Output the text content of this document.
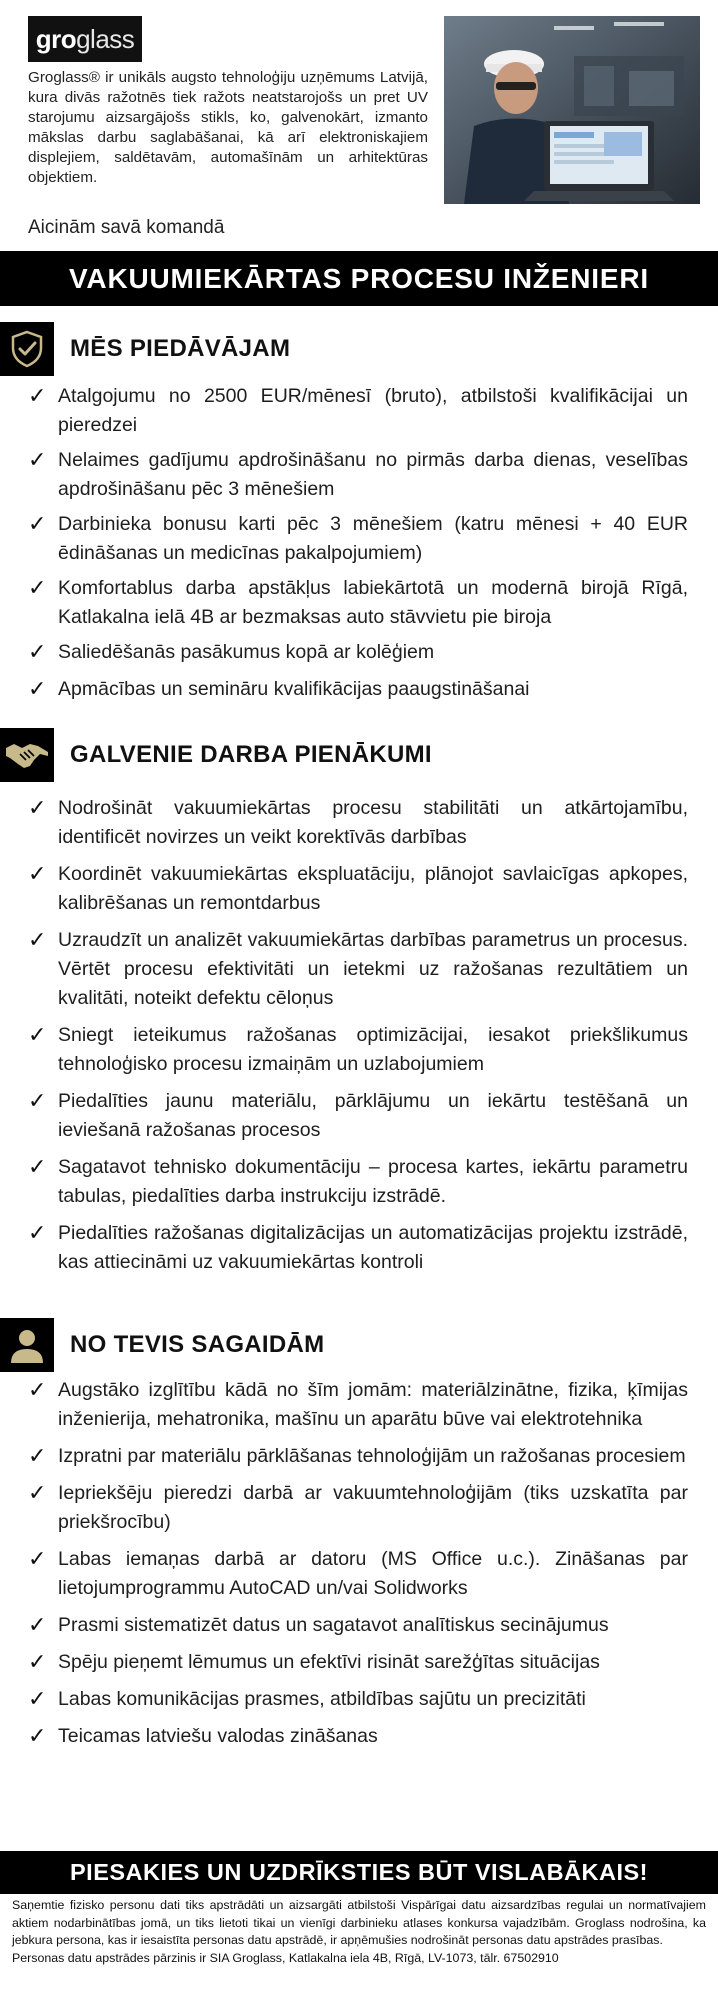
gro glass

Groglass® ir unikāls augsto tehnoloģiju uzņēmums Latvijā, kura divās ražotnēs tiek ražots neatstarojošs un pret UV starojumu aizsargājošs stikls, ko, galvenokārt, izmanto mākslas darbu saglabāšanai, kā arī elektroniskajiem displejiem, saldētavām, automašīnām un arhitektūras objektiem.

Aicinām savā komandā
VAKUUMIEKĀRTAS PROCESU INŽENIERI
MĒS PIEDĀVĀJAM
✓ Atalgojumu no 2500 EUR/mēnesī (bruto), atbilstoši kvalifikācijai un pieredzei
✓ Nelaimes gadījumu apdrošināšanu no pirmās darba dienas, veselības apdrošināšanu pēc 3 mēnešiem
✓ Darbinieka bonusu karti pēc 3 mēnešiem (katru mēnesi + 40 EUR ēdināšanas un medicīnas pakalpojumiem)
✓ Komfortablus darba apstākļus labiekārtotā un modernā birojā Rīgā, Katlakalna ielā 4B ar bezmaksas auto stāvvietu pie biroja
✓ Saliedēšanās pasākumus kopā ar kolēģiem
✓ Apmācības un semināru kvalifikācijas paaugstināšanai
GALVENIE DARBA PIENĀKUMI
✓ Nodrošināt vakuumiekārtas procesu stabilitāti un atkārtojamību, identificēt novirzes un veikt korektīvās darbības
✓ Koordinēt vakuumiekārtas ekspluatāciju, plānojot savlaicīgas apkopes, kalibrēšanas un remontdarbus
✓ Uzraudzīt un analizēt vakuumiekārtas darbības parametrus un procesus. Vērtēt procesu efektivitāti un ietekmi uz ražošanas rezultātiem un kvalitāti, noteikt defektu cēloņus
✓ Sniegt ieteikumus ražošanas optimizācijai, iesakot priekšlikumus tehnoloģisko procesu izmaiņām un uzlabojumiem
✓ Piedalīties jaunu materiālu, pārklājumu un iekārtu testēšanā un ieviešanā ražošanas procesos
✓ Sagatavot tehnisko dokumentāciju – procesa kartes, iekārtu parametru tabulas, piedalīties darba instrukciju izstrādē.
✓ Piedalīties ražošanas digitalizācijas un automatizācijas projektu izstrādē, kas attiecināmi uz vakuumiekārtas kontroli
NO TEVIS SAGAIDĀM
✓ Augstāko izglītību kādā no šīm jomām: materiālzinātne, fizika, ķīmijas inženierija, mehatronika, mašīnu un aparātu būve vai elektrotehnika
✓ Izpratni par materiālu pārklāšanas tehnoloģijām un ražošanas procesiem
✓ Iepriekšēju pieredzi darbā ar vakuumtehnoloģijām (tiks uzskatīta par priekšrocību)
✓ Labas iemaņas darbā ar datoru (MS Office u.c.). Zināšanas par lietojumprogrammu AutoCAD un/vai Solidworks
✓ Prasmi sistematizēt datus un sagatavot analītiskus secinājumus
✓ Spēju pieņemt lēmumus un efektīvi risināt sarežģītas situācijas
✓ Labas komunikācijas prasmes, atbildības sajūtu un precizitāti
✓ Teicamas latviešu valodas zināšanas
PIESAKIES UN UZDRĪKSTIES BŪT VISLABĀKAIS!

Saņemtie fizisko personu dati tiks apstrādāti un aizsargāti atbilstoši Vispārīgai datu aizsardzības regulai un normatīvajiem aktiem nodarbinātības jomā, un tiks lietoti tikai un vienīgi darbinieku atlases konkursa vajadzībām. Groglass nodrošina, ka jebkura persona, kas ir iesaistīta personas datu apstrādē, ir apņēmušies nodrošināt personas datu apstrādes prasības.

Personas datu apstrādes pārzinis ir SIA Groglass, Katlakalna iela 4B, Rīgā, LV-1073, tālr. 67502910
